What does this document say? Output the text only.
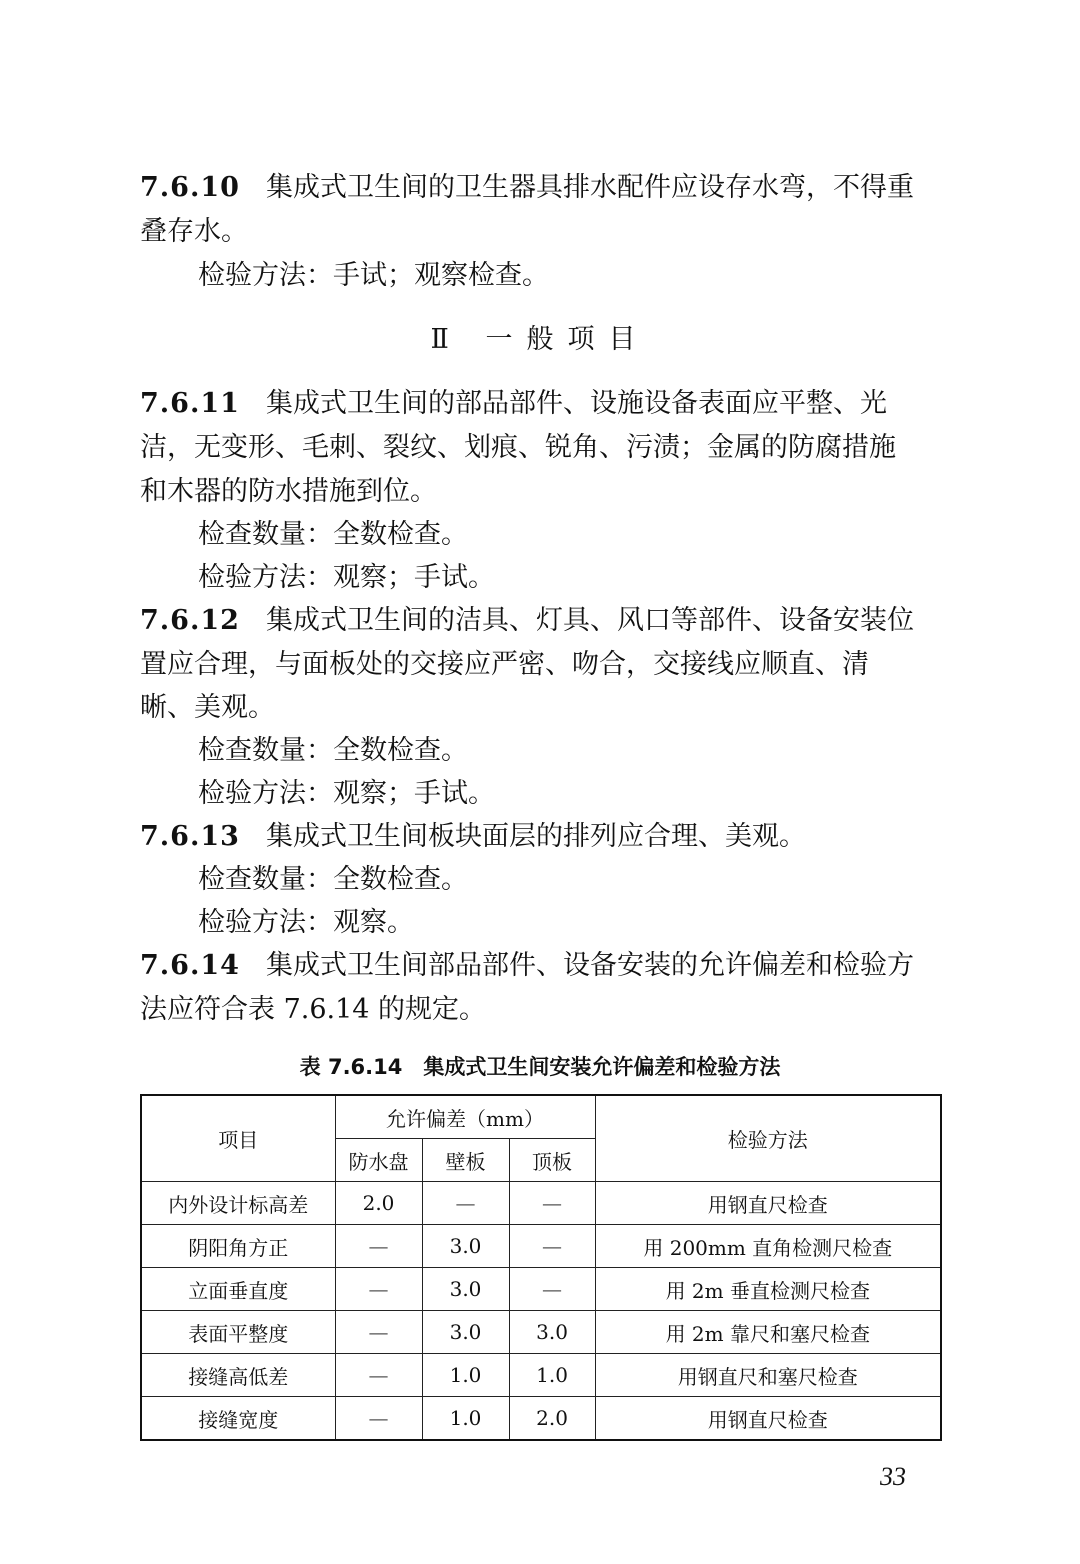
7.6.10 集成式卫生间的卫生器具排水配件应设存水弯，不得重
叠存水。
检验方法：手试；观察检查。
Ⅱ 一般项目
7.6.11 集成式卫生间的部品部件、设施设备表面应平整、光
洁，无变形、毛刺、裂纹、划痕、锐角、污渍；金属的防腐措施
和木器的防水措施到位。
检查数量：全数检查。
检验方法：观察；手试。
7.6.12 集成式卫生间的洁具、灯具、风口等部件、设备安装位
置应合理，与面板处的交接应严密、吻合，交接线应顺直、清
晰、美观。
检查数量：全数检查。
检验方法：观察；手试。
7.6.13 集成式卫生间板块面层的排列应合理、美观。
检查数量：全数检查。
检验方法：观察。
7.6.14 集成式卫生间部品部件、设备安装的允许偏差和检验方
法应符合表 7.6.14 的规定。
表 7.6.14　集成式卫生间安装允许偏差和检验方法
项目	允许偏差（mm）			检验方法
	防水盘	壁板	顶板	
内外设计标高差	2.0	—	—	用钢直尺检查
阴阳角方正	—	3.0	—	用 200mm 直角检测尺检查
立面垂直度	—	3.0	—	用 2m 垂直检测尺检查
表面平整度	—	3.0	3.0	用 2m 靠尺和塞尺检查
接缝高低差	—	1.0	1.0	用钢直尺和塞尺检查
接缝宽度	—	1.0	2.0	用钢直尺检查
33
